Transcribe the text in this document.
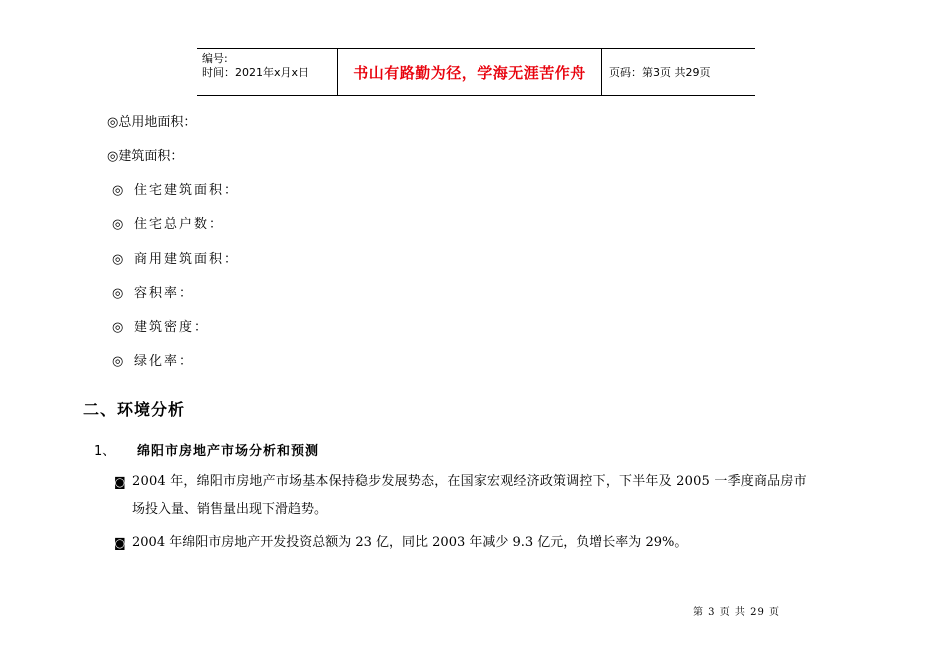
编号:
时间：2021年x月x日	书山有路勤为径，学海无涯苦作舟 页码：第3页 共29页
◎总用地面积：
◎建筑面积：
◎ 住宅建筑面积：
◎ 住宅总户数：
◎ 商用建筑面积：
◎ 容积率：
◎ 建筑密度：
◎ 绿化率：
二、环境分析
1、 绵阳市房地产市场分析和预测
◙ 2004 年，绵阳市房地产市场基本保持稳步发展势态，在国家宏观经济政策调控下，下半年及 2005 一季度商品房市
场投入量、销售量出现下滑趋势。
◙ 2004 年绵阳市房地产开发投资总额为 23 亿，同比 2003 年减少 9.3 亿元，负增长率为 29%。
第 3 页 共 29 页
